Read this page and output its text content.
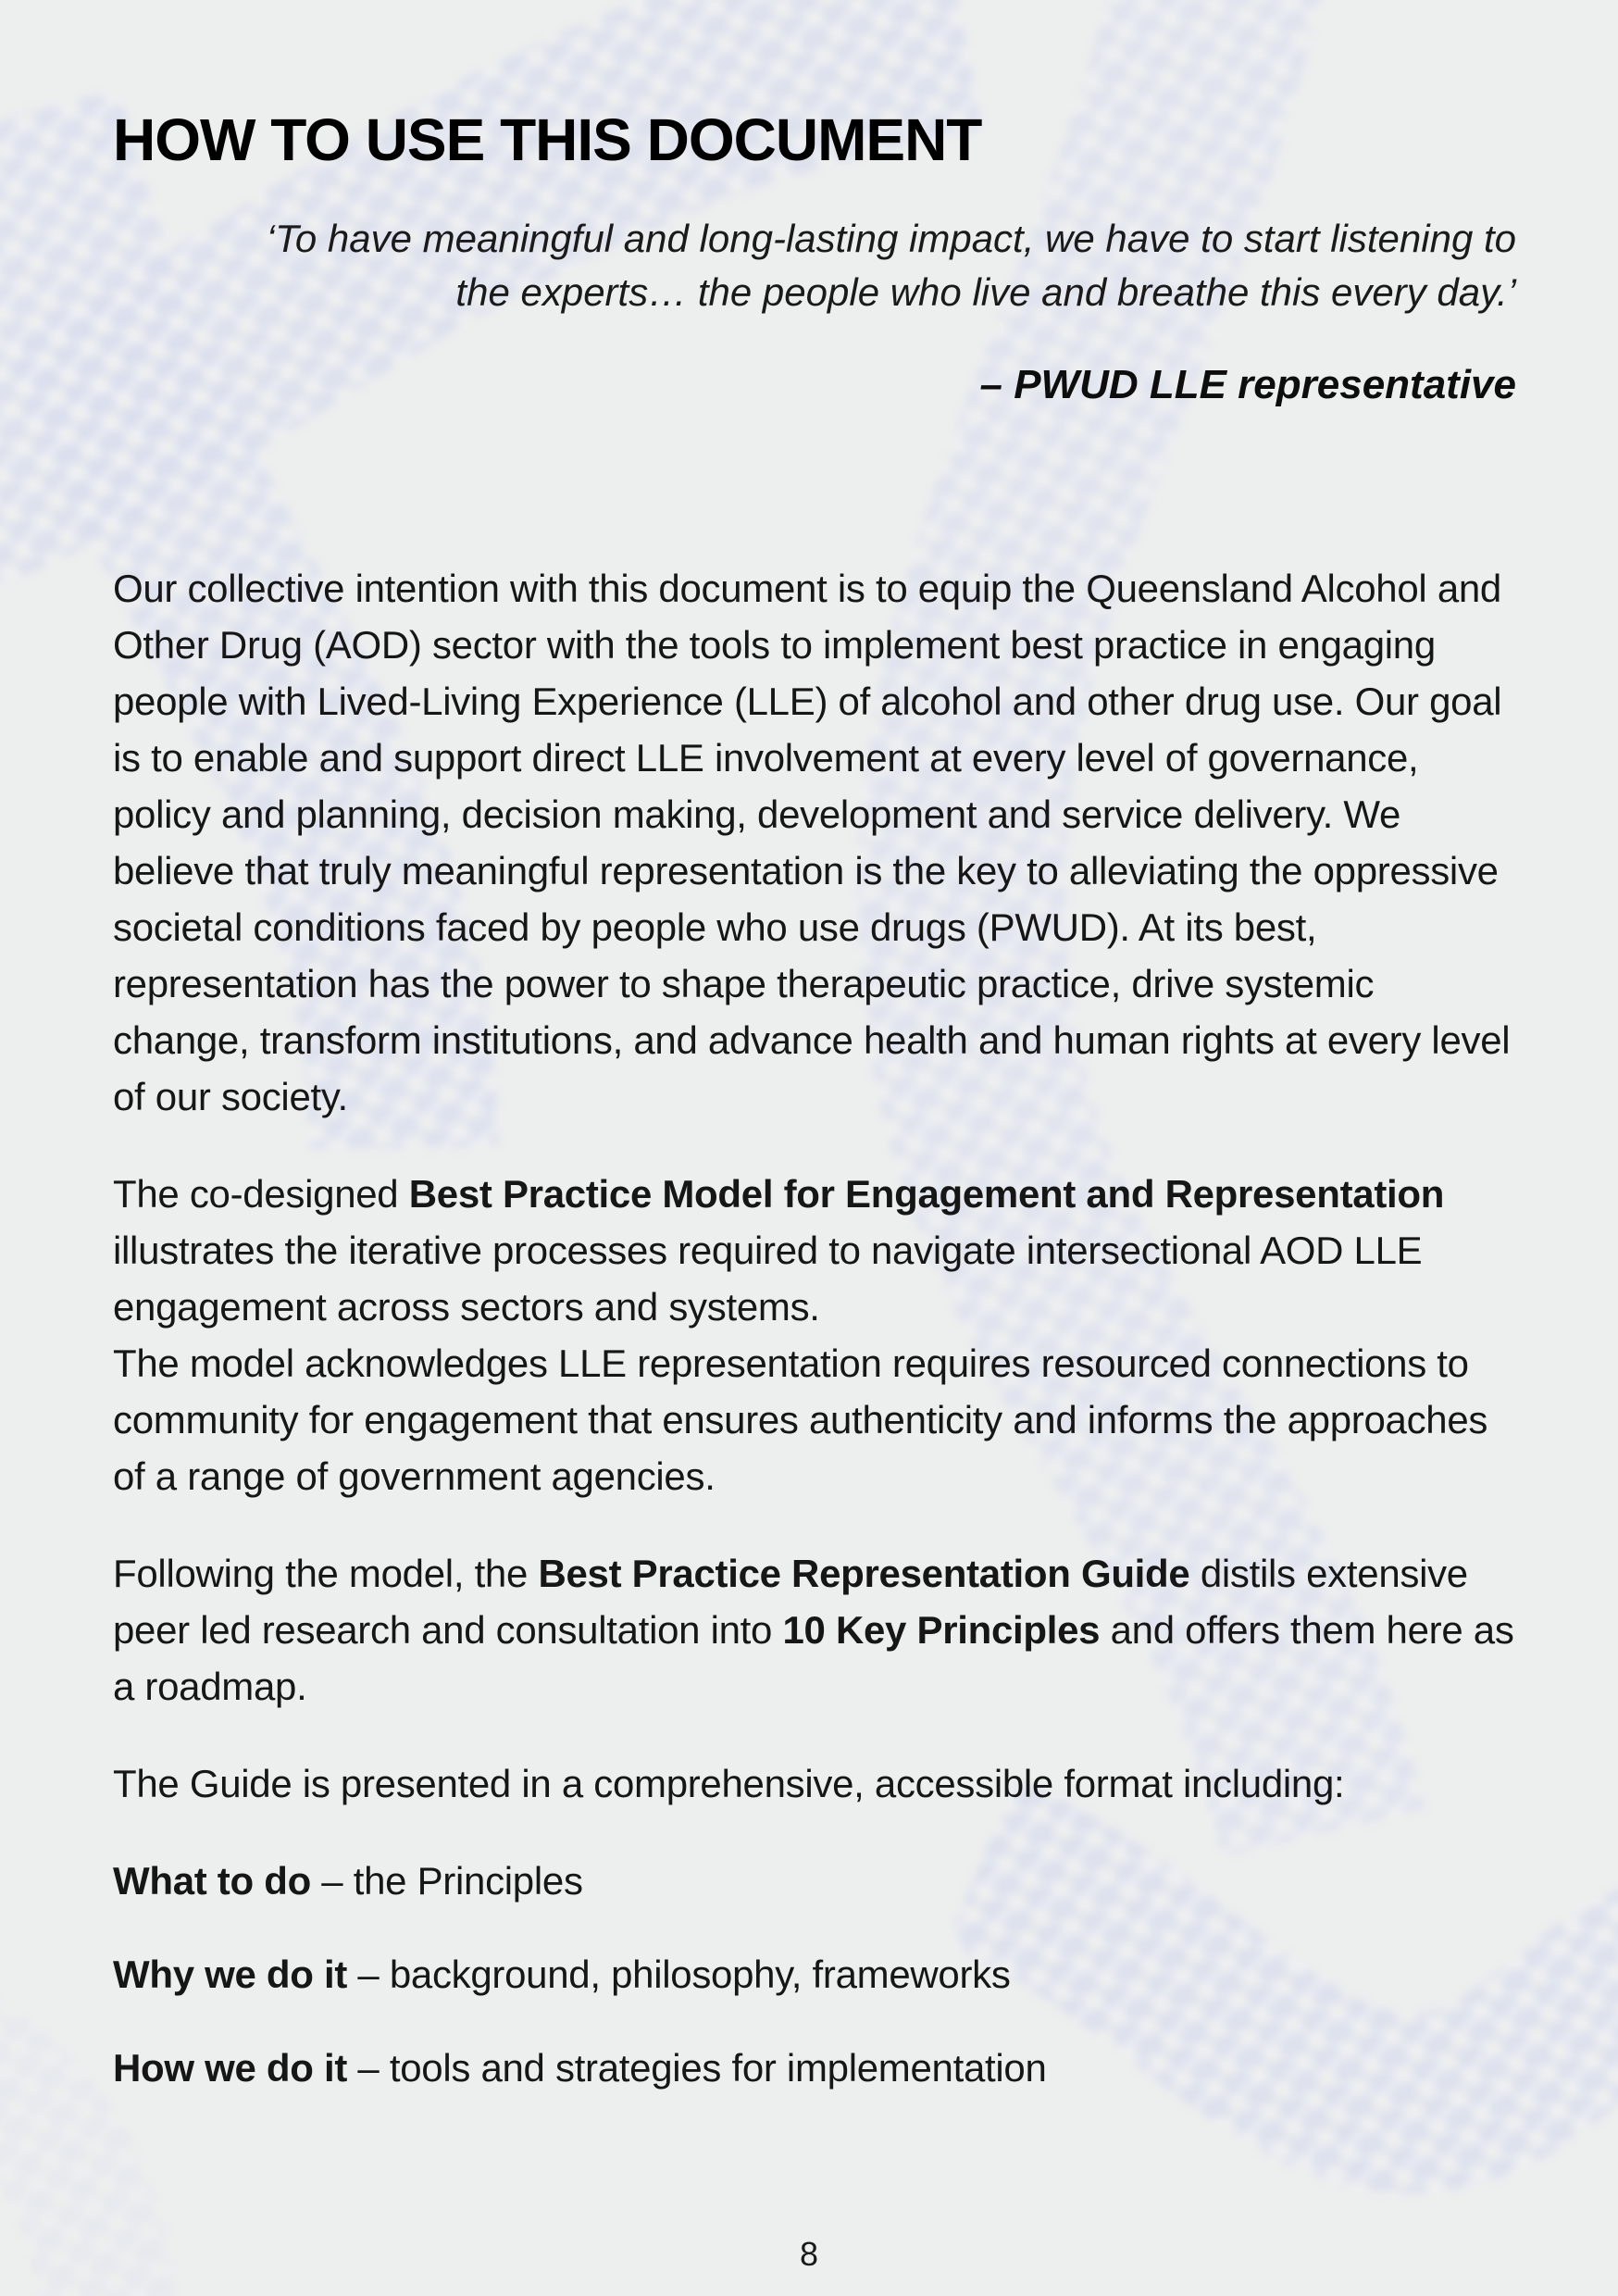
HOW TO USE THIS DOCUMENT

‘To have meaningful and long-lasting impact, we have to start listening to

the experts… the people who live and breathe this every day.’

– PWUD LLE representative

Our collective intention with this document is to equip the Queensland Alcohol and Other Drug (AOD) sector with the tools to implement best practice in engaging people with Lived-Living Experience (LLE) of alcohol and other drug use. Our goal is to enable and support direct LLE involvement at every level of governance, policy and planning, decision making, development and service delivery. We believe that truly meaningful representation is the key to alleviating the oppressive societal conditions faced by people who use drugs (PWUD). At its best, representation has the power to shape therapeutic practice, drive systemic change, transform institutions, and advance health and human rights at every level of our society.

The co-designed Best Practice Model for Engagement and Representation illustrates the iterative processes required to navigate intersectional AOD LLE engagement across sectors and systems.
The model acknowledges LLE representation requires resourced connections to community for engagement that ensures authenticity and informs the approaches of a range of government agencies.

Following the model, the Best Practice Representation Guide distils extensive peer led research and consultation into 10 Key Principles and offers them here as a roadmap.

The Guide is presented in a comprehensive, accessible format including:

What to do – the Principles

Why we do it – background, philosophy, frameworks

How we do it – tools and strategies for implementation

8
